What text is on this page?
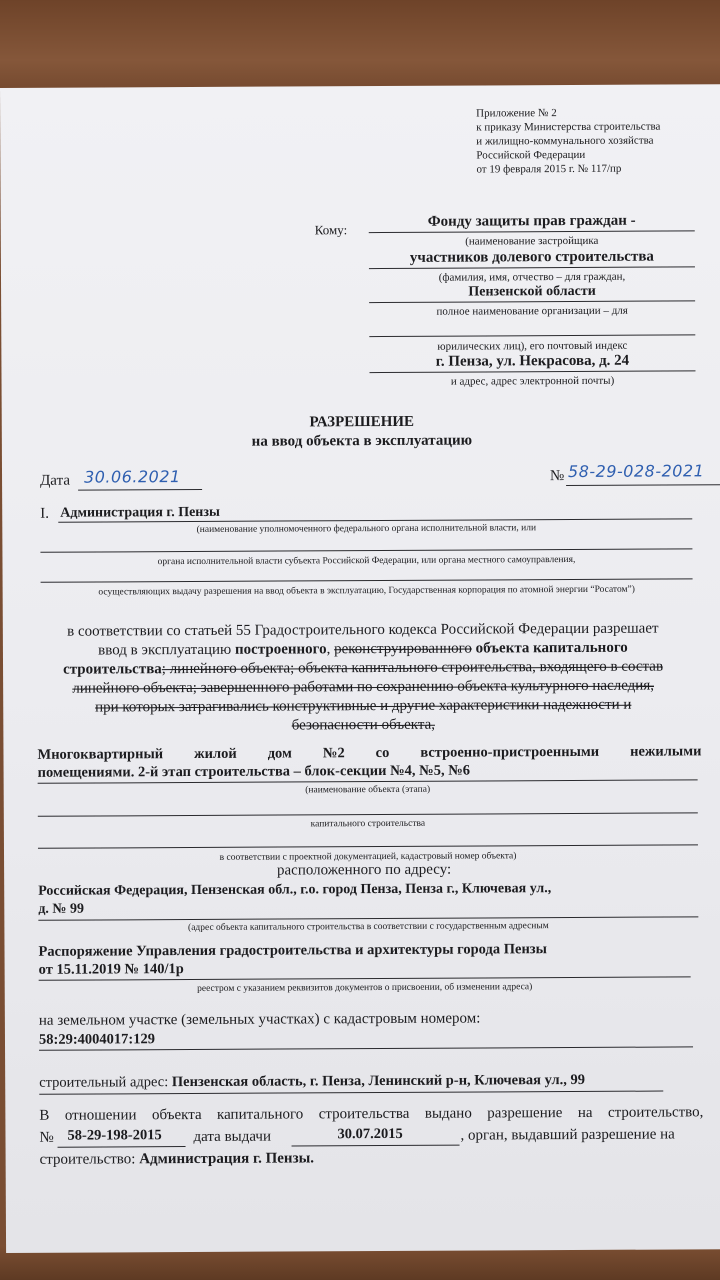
Приложение № 2
к приказу Министерства строительства
и жилищно-коммунального хозяйства
Российской Федерации
от 19 февраля 2015 г. № 117/пр
Кому:
Фонду защиты прав граждан -
(наименование застройщика
участников долевого строительства
(фамилия, имя, отчество – для граждан,
Пензенской области
полное наименование организации – для
юрилических лиц), его почтовый индекс
г. Пенза, ул. Некрасова, д. 24
и адрес, адрес электронной почты)
РАЗРЕШЕНИЕ
на ввод объекта в эксплуатацию
Дата 30.06.2021	№ 58-29-028-2021
I. Администрация г. Пензы
(наименование уполномоченного федерального органа исполнительной власти, или
органа исполнительной власти субъекта Российской Федерации, или органа местного самоуправления,
осуществляющих выдачу разрешения на ввод объекта в эксплуатацию, Государственная корпорация по атомной энергии “Росатом”)
в соответствии со статьей 55 Градостроительного кодекса Российской Федерации разрешает
ввод в эксплуатацию построенного, реконструированного объекта капитального
строительства; линейного объекта; объекта капитального строительства, входящего в состав
линейного объекта; завершенного работами по сохранению объекта культурного наследия,
при которых затрагивались конструктивные и другие характеристики надежности и
безопасности объекта,
Многоквартирный жилой дом №2 со встроенно-пристроенными нежилыми
помещениями. 2-й этап строительства – блок-секции №4, №5, №6
(наименование объекта (этапа)
капитального строительства
в соответствии с проектной документацией, кадастровый номер объекта)
расположенного по адресу:
Российская Федерация, Пензенская обл., г.о. город Пенза, Пенза г., Ключевая ул.,
д. № 99
(адрес объекта капитального строительства в соответствии с государственным адресным
Распоряжение Управления градостроительства и архитектуры города Пензы
от 15.11.2019 № 140/1р
реестром с указанием реквизитов документов о присвоении, об изменении адреса)
на земельном участке (земельных участках) с кадастровым номером:
58:29:4004017:129
строительный адрес: Пензенская область, г. Пенза, Ленинский р-н, Ключевая ул., 99
В отношении объекта капитального строительства выдано разрешение на строительство,
№ 58-29-198-2015 дата выдачи	30.07.2015	, орган, выдавший разрешение на
строительство: Администрация г. Пензы.
